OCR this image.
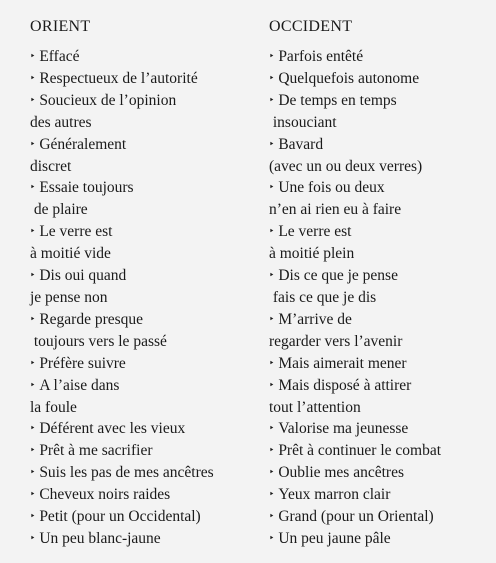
ORIENT
‣ Effacé
‣ Respectueux de l’autorité
‣ Soucieux de l’opinion
des autres
‣ Généralement
discret
‣ Essaie toujours
de plaire
‣ Le verre est
à moitié vide
‣ Dis oui quand
je pense non
‣ Regarde presque
toujours vers le passé
‣ Préfère suivre
‣ A l’aise dans
la foule
‣ Déférent avec les vieux
‣ Prêt à me sacrifier
‣ Suis les pas de mes ancêtres
‣ Cheveux noirs raides
‣ Petit (pour un Occidental)
‣ Un peu blanc-jaune
OCCIDENT
‣ Parfois entêté
‣ Quelquefois autonome
‣ De temps en temps
insouciant
‣ Bavard
(avec un ou deux verres)
‣ Une fois ou deux
n’en ai rien eu à faire
‣ Le verre est
à moitié plein
‣ Dis ce que je pense
fais ce que je dis
‣ M’arrive de
regarder vers l’avenir
‣ Mais aimerait mener
‣ Mais disposé à attirer
tout l’attention
‣ Valorise ma jeunesse
‣ Prêt à continuer le combat
‣ Oublie mes ancêtres
‣ Yeux marron clair
‣ Grand (pour un Oriental)
‣ Un peu jaune pâle
